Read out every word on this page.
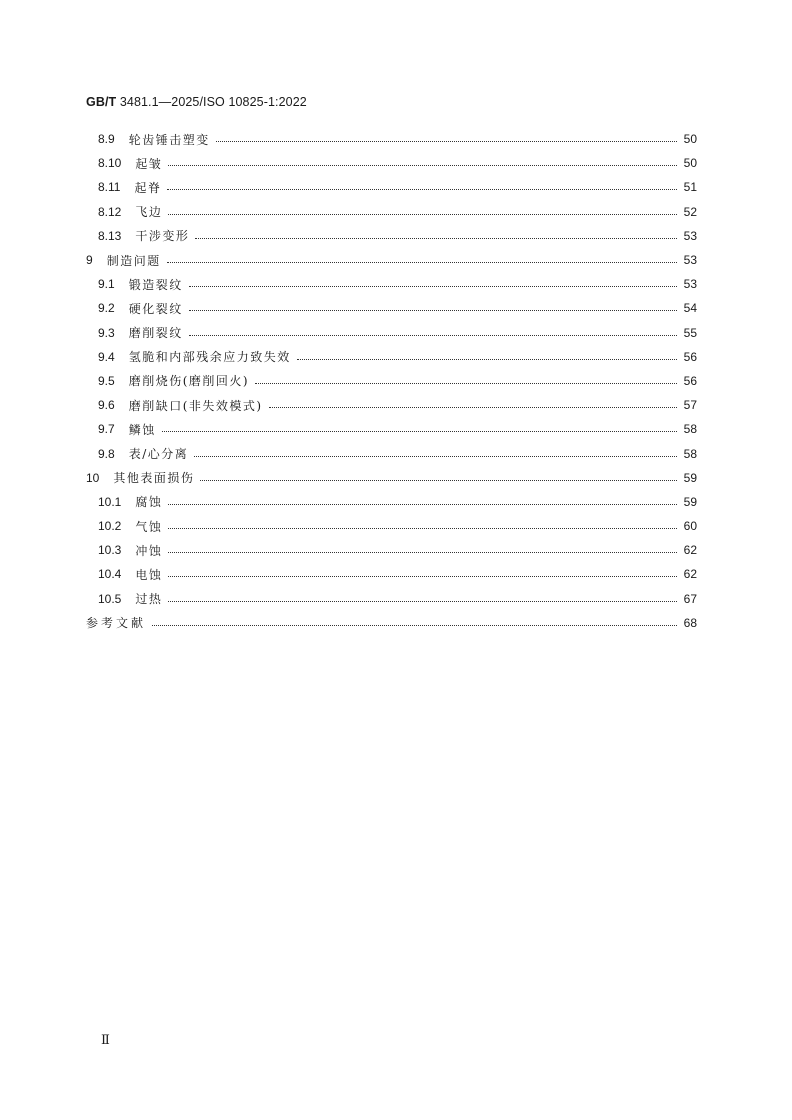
GB/T 3481.1—2025/ISO 10825-1:2022
8.9 轮齿锤击塑变	50
8.10 起皱	50
8.11 起脊	51
8.12 飞边	52
8.13 干涉变形	53
9 制造问题	53
9.1 锻造裂纹	53
9.2 硬化裂纹	54
9.3 磨削裂纹	55
9.4 氢脆和内部残余应力致失效	56
9.5 磨削烧伤(磨削回火)	56
9.6 磨削缺口(非失效模式)	57
9.7 鳞蚀	58
9.8 表/心分离	58
10 其他表面损伤	59
10.1 腐蚀	59
10.2 气蚀	60
10.3 冲蚀	62
10.4 电蚀	62
10.5 过热	67
参考文献	68
Ⅱ
